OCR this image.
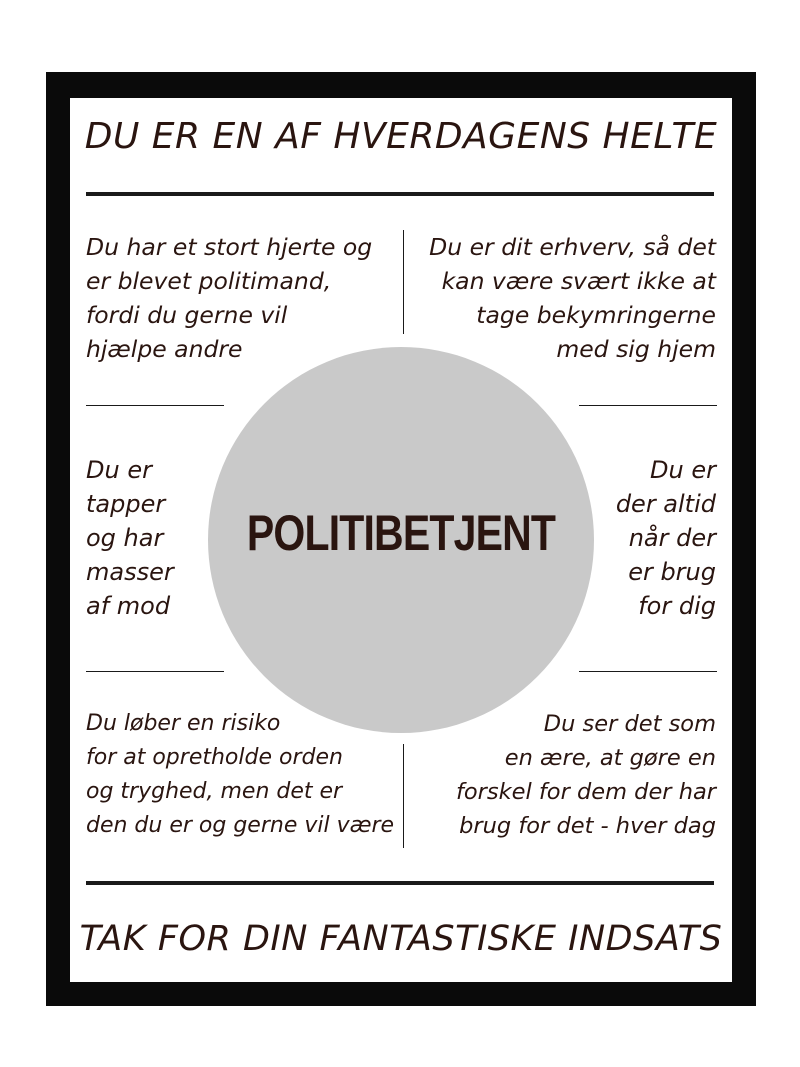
DU ER EN AF HVERDAGENS HELTE
Du har et stort hjerte og
er blevet politimand,
fordi du gerne vil
hjælpe andre
Du er dit erhverv, så det
kan være svært ikke at
tage bekymringerne
med sig hjem
POLITIBETJENT
Du er
tapper
og har
masser
af mod
Du er
der altid
når der
er brug
for dig
Du løber en risiko
for at opretholde orden
og tryghed, men det er
den du er og gerne vil være
Du ser det som
en ære, at gøre en
forskel for dem der har
brug for det - hver dag
TAK FOR DIN FANTASTISKE INDSATS
